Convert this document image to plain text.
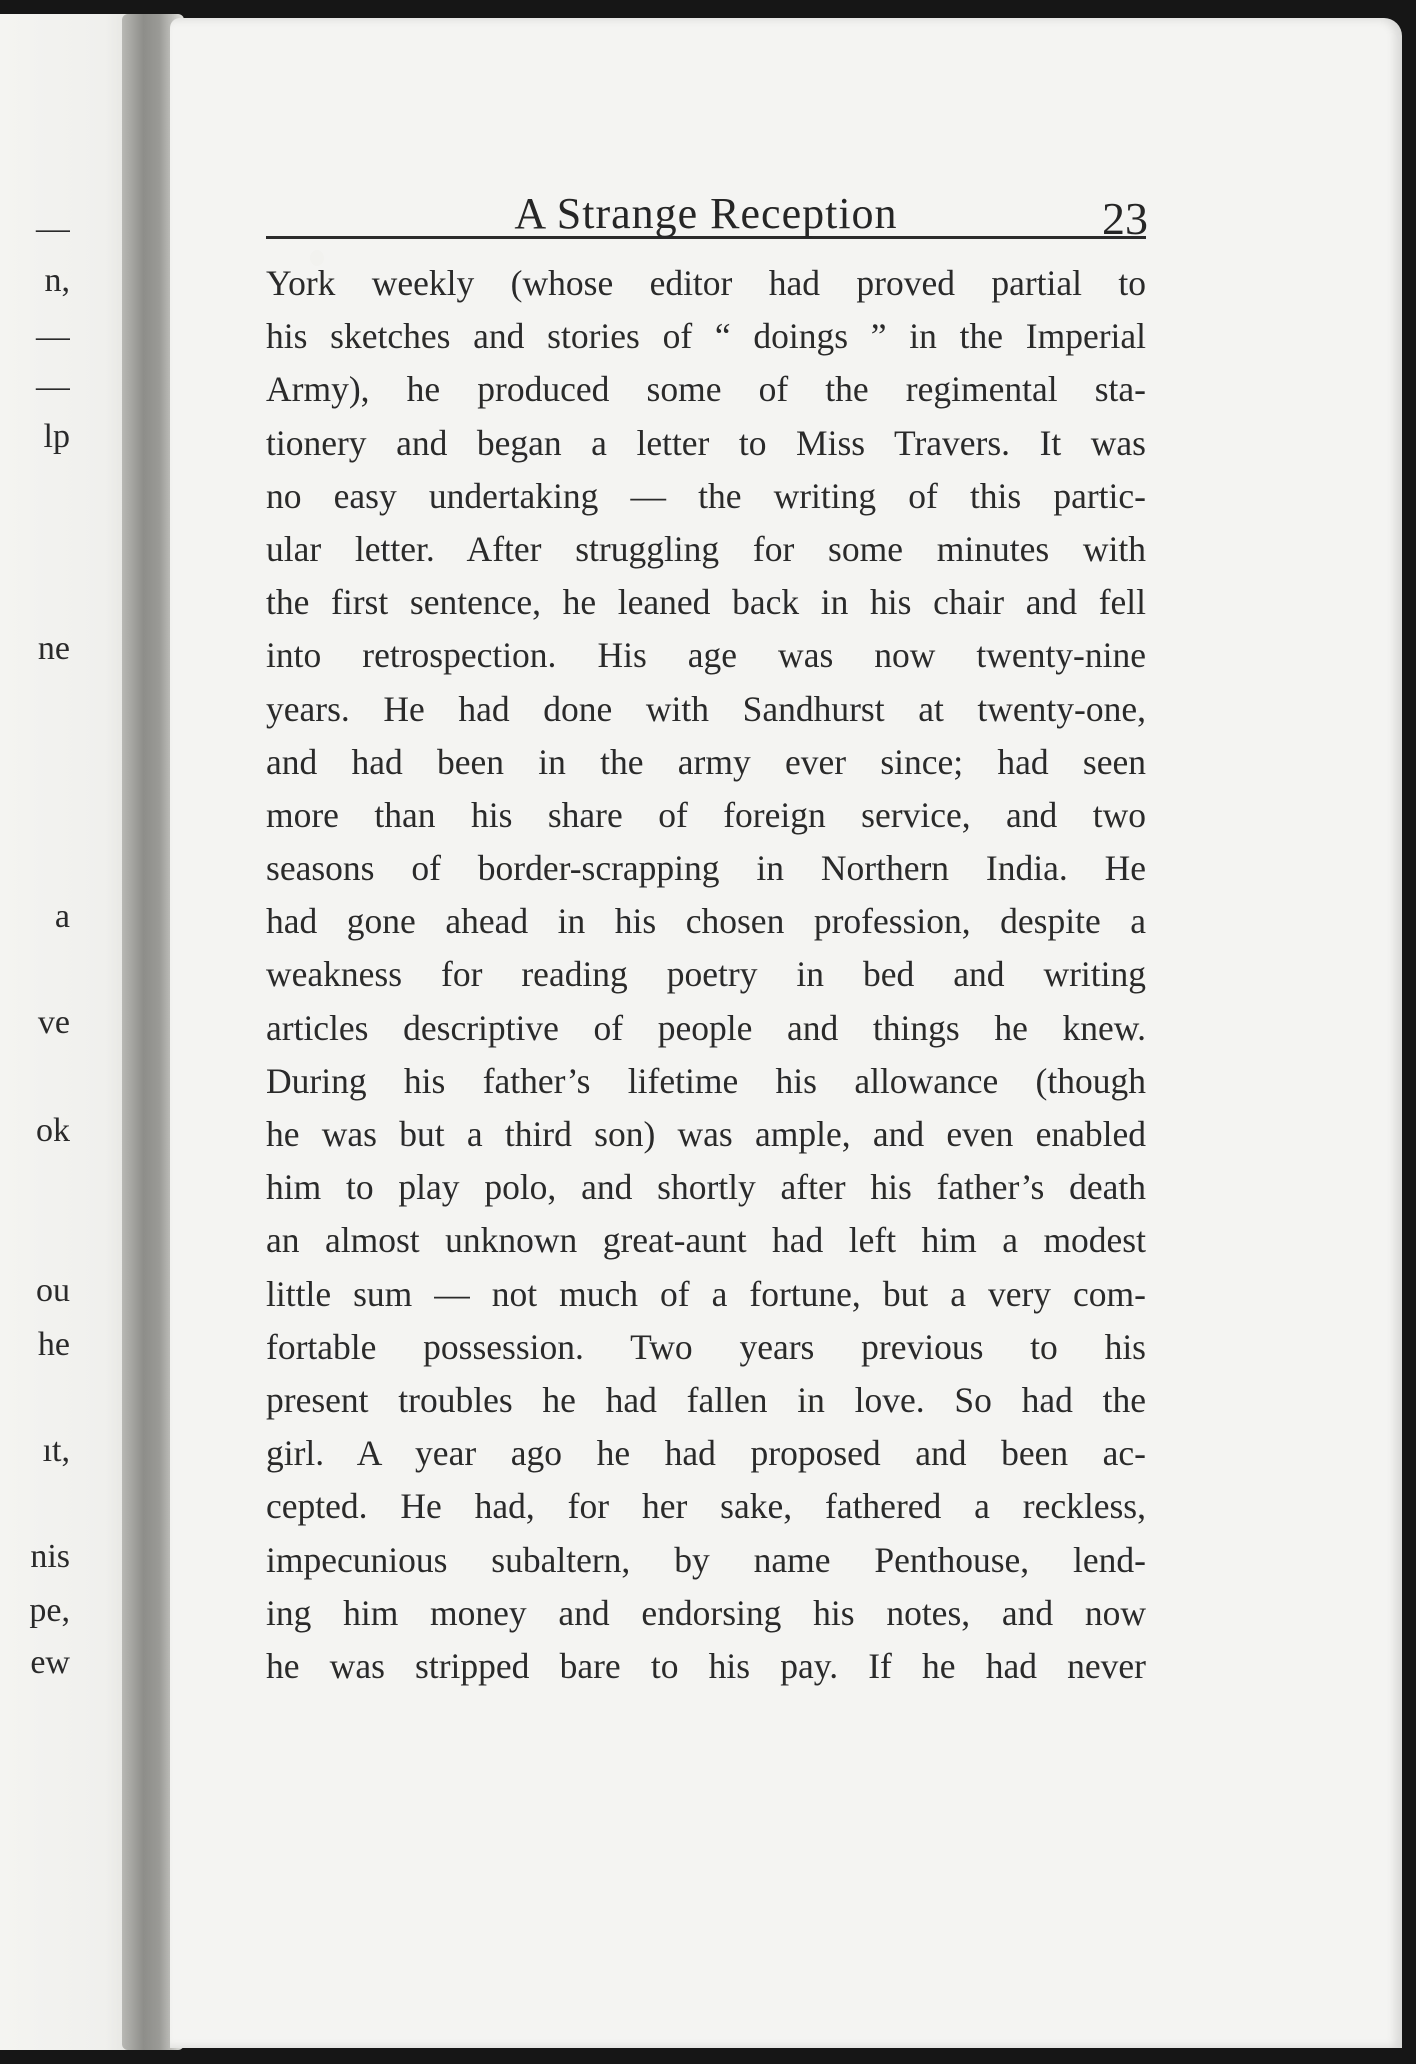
—
n,
—
—
lp
ne
a
ve
ok
ou
he
ıt,
nis
pe,
ew
A Strange Reception	23
York weekly (whose editor had proved partial to
his sketches and stories of “ doings ” in the Imperial
Army), he produced some of the regimental sta-
tionery and began a letter to Miss Travers. It was
no easy undertaking — the writing of this partic-
ular letter. After struggling for some minutes with
the first sentence, he leaned back in his chair and fell
into retrospection. His age was now twenty-nine
years. He had done with Sandhurst at twenty-one,
and had been in the army ever since; had seen
more than his share of foreign service, and two
seasons of border-scrapping in Northern India. He
had gone ahead in his chosen profession, despite a
weakness for reading poetry in bed and writing
articles descriptive of people and things he knew.
During his father’s lifetime his allowance (though
he was but a third son) was ample, and even enabled
him to play polo, and shortly after his father’s death
an almost unknown great-aunt had left him a modest
little sum — not much of a fortune, but a very com-
fortable possession. Two years previous to his
present troubles he had fallen in love. So had the
girl. A year ago he had proposed and been ac-
cepted. He had, for her sake, fathered a reckless,
impecunious subaltern, by name Penthouse, lend-
ing him money and endorsing his notes, and now
he was stripped bare to his pay. If he had never
